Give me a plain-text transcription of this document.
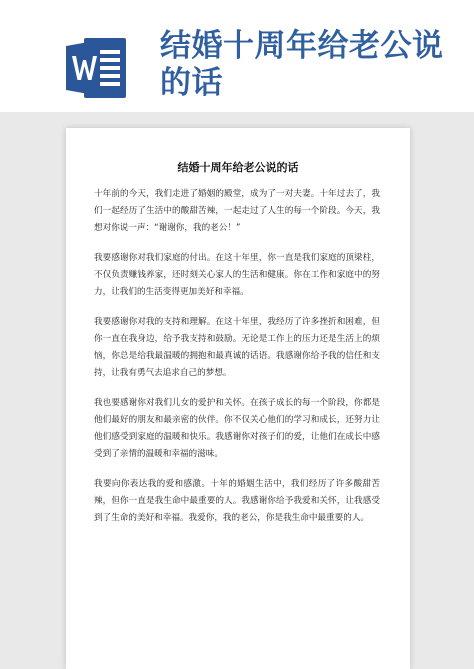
结婚十周年给老公说的话
结婚十周年给老公说的话

十年前的今天，我们走进了婚姻的殿堂，成为了一对夫妻。十年过去了，我们一起经历了生活中的酸甜苦辣，一起走过了人生的每一个阶段。今天，我想对你说一声：“谢谢你，我的老公！”

我要感谢你对我们家庭的付出。在这十年里，你一直是我们家庭的顶梁柱，不仅负责赚钱养家，还时刻关心家人的生活和健康。你在工作和家庭中的努力，让我们的生活变得更加美好和幸福。

我要感谢你对我的支持和理解。在这十年里，我经历了许多挫折和困难，但你一直在我身边，给予我支持和鼓励。无论是工作上的压力还是生活上的烦恼，你总是给我最温暖的拥抱和最真诚的话语。我感谢你给予我的信任和支持，让我有勇气去追求自己的梦想。

我也要感谢你对我们儿女的爱护和关怀。在孩子成长的每一个阶段，你都是他们最好的朋友和最亲密的伙伴。你不仅关心他们的学习和成长，还努力让他们感受到家庭的温暖和快乐。我感谢你对孩子们的爱，让他们在成长中感受到了亲情的温暖和幸福的滋味。

我要向你表达我的爱和感激。十年的婚姻生活中，我们经历了许多酸甜苦辣，但你一直是我生命中最重要的人。我感谢你给予我爱和关怀，让我感受到了生命的美好和幸福。我爱你，我的老公，你是我生命中最重要的人。
